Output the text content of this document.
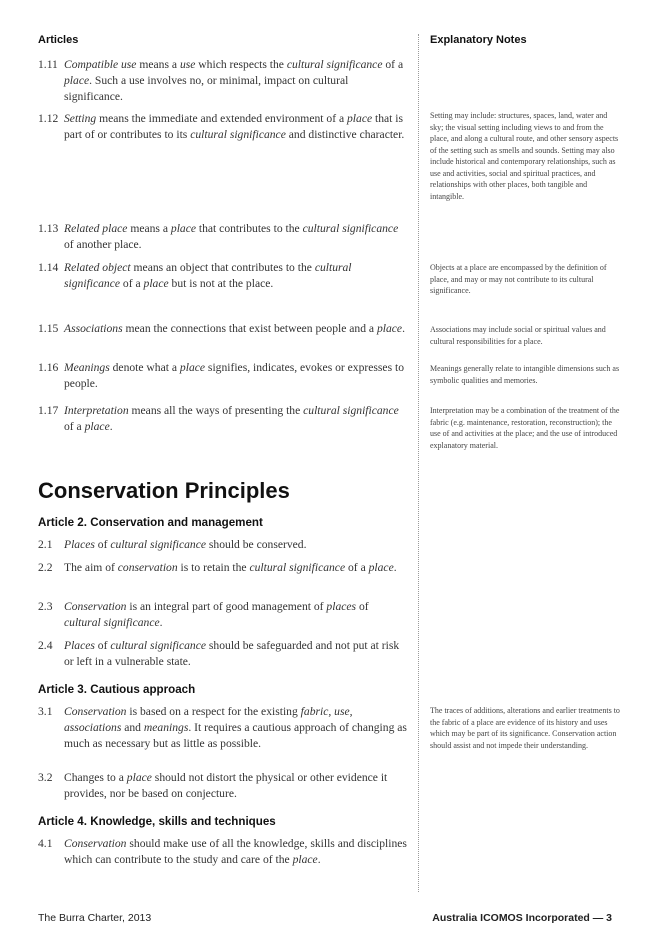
Articles	Explanatory Notes
1.11 Compatible use means a use which respects the cultural significance of a place. Such a use involves no, or minimal, impact on cultural significance.
1.12 Setting means the immediate and extended environment of a place that is part of or contributes to its cultural significance and distinctive character.
1.13 Related place means a place that contributes to the cultural significance of another place.
1.14 Related object means an object that contributes to the cultural significance of a place but is not at the place.
1.15 Associations mean the connections that exist between people and a place.
1.16 Meanings denote what a place signifies, indicates, evokes or expresses to people.
1.17 Interpretation means all the ways of presenting the cultural significance of a place.
Setting may include: structures, spaces, land, water and sky; the visual setting including views to and from the place, and along a cultural route, and other sensory aspects of the setting such as smells and sounds. Setting may also include historical and contemporary relationships, such as use and activities, social and spiritual practices, and relationships with other places, both tangible and intangible.
Objects at a place are encompassed by the definition of place, and may or may not contribute to its cultural significance.
Associations may include social or spiritual values and cultural responsibilities for a place.
Meanings generally relate to intangible dimensions such as symbolic qualities and memories.
Interpretation may be a combination of the treatment of the fabric (e.g. maintenance, restoration, reconstruction); the use of and activities at the place; and the use of introduced explanatory material.
The traces of additions, alterations and earlier treatments to the fabric of a place are evidence of its history and uses which may be part of its significance. Conservation action should assist and not impede their understanding.
Conservation Principles
Article 2. Conservation and management
2.1 Places of cultural significance should be conserved.
2.2 The aim of conservation is to retain the cultural significance of a place.
2.3 Conservation is an integral part of good management of places of cultural significance.
2.4 Places of cultural significance should be safeguarded and not put at risk or left in a vulnerable state.
Article 3. Cautious approach
3.1 Conservation is based on a respect for the existing fabric, use, associations and meanings. It requires a cautious approach of changing as much as necessary but as little as possible.
3.2 Changes to a place should not distort the physical or other evidence it provides, nor be based on conjecture.
Article 4. Knowledge, skills and techniques
4.1 Conservation should make use of all the knowledge, skills and disciplines which can contribute to the study and care of the place.
The Burra Charter, 2013	Australia ICOMOS Incorporated — 3
